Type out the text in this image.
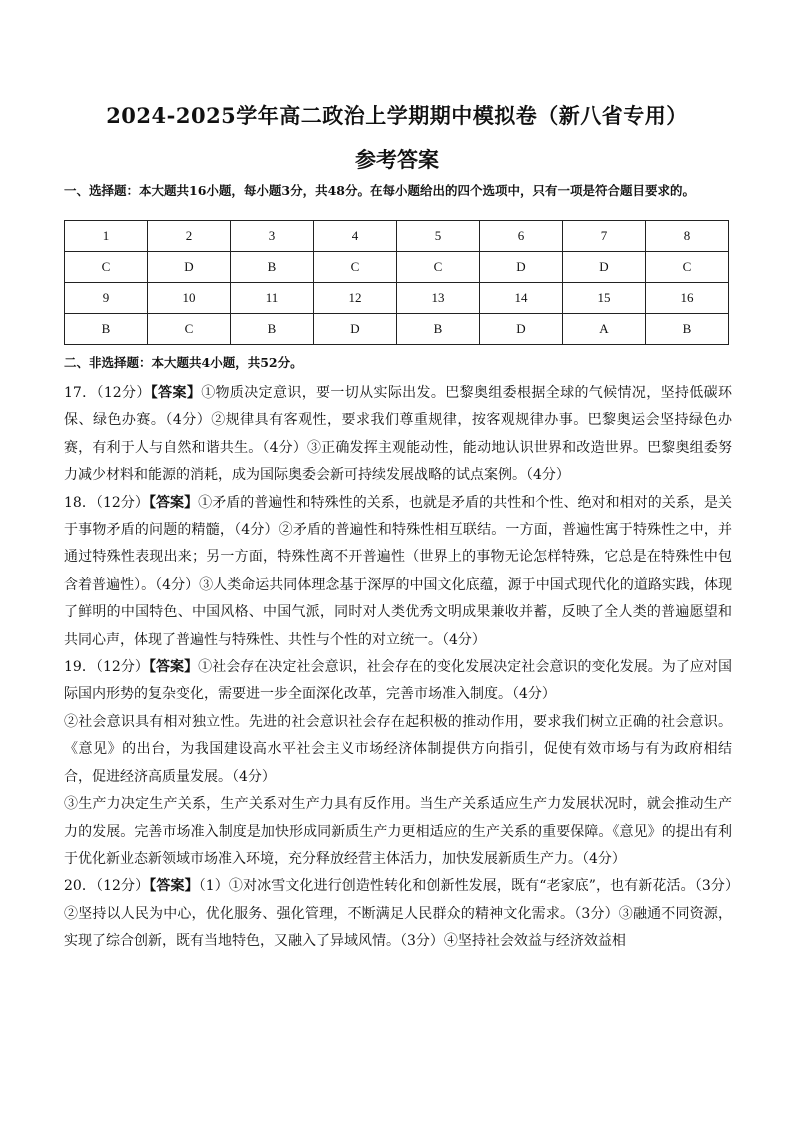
2024-2025学年高二政治上学期期中模拟卷（新八省专用）
参考答案
一、选择题：本大题共16小题，每小题3分，共48分。在每小题给出的四个选项中，只有一项是符合题目要求的。
1	2	3	4	5	6	7	8
C	D	B	C	C	D	D	C
9	10	11	12	13	14	15	16
B	C	B	D	B	D	A	B
二、非选择题：本大题共4小题，共52分。

17．（12分）【答案】①物质决定意识，要一切从实际出发。巴黎奥组委根据全球的气候情况，坚持低碳环保、绿色办赛。（4分）②规律具有客观性，要求我们尊重规律，按客观规律办事。巴黎奥运会坚持绿色办赛，有利于人与自然和谐共生。（4分）③正确发挥主观能动性，能动地认识世界和改造世界。巴黎奥组委努力减少材料和能源的消耗，成为国际奥委会新可持续发展战略的试点案例。（4分）

18．（12分）【答案】①矛盾的普遍性和特殊性的关系，也就是矛盾的共性和个性、绝对和相对的关系，是关于事物矛盾的问题的精髓，（4分）②矛盾的普遍性和特殊性相互联结。一方面，普遍性寓于特殊性之中，并通过特殊性表现出来；另一方面，特殊性离不开普遍性（世界上的事物无论怎样特殊，它总是在特殊性中包含着普遍性）。（4分）③人类命运共同体理念基于深厚的中国文化底蕴，源于中国式现代化的道路实践，体现了鲜明的中国特色、中国风格、中国气派，同时对人类优秀文明成果兼收并蓄，反映了全人类的普遍愿望和共同心声，体现了普遍性与特殊性、共性与个性的对立统一。（4分）

19．（12分）【答案】①社会存在决定社会意识，社会存在的变化发展决定社会意识的变化发展。为了应对国际国内形势的复杂变化，需要进一步全面深化改革，完善市场准入制度。（4分）

②社会意识具有相对独立性。先进的社会意识社会存在起积极的推动作用，要求我们树立正确的社会意识。《意见》的出台，为我国建设高水平社会主义市场经济体制提供方向指引，促使有效市场与有为政府相结合，促进经济高质量发展。（4分）

③生产力决定生产关系，生产关系对生产力具有反作用。当生产关系适应生产力发展状况时，就会推动生产力的发展。完善市场准入制度是加快形成同新质生产力更相适应的生产关系的重要保障。《意见》的提出有利于优化新业态新领域市场准入环境，充分释放经营主体活力，加快发展新质生产力。（4分）

20．（12分）【答案】（1）①对冰雪文化进行创造性转化和创新性发展，既有“老家底”，也有新花活。（3分）②坚持以人民为中心，优化服务、强化管理，不断满足人民群众的精神文化需求。（3分）③融通不同资源，实现了综合创新，既有当地特色，又融入了异域风情。（3分）④坚持社会效益与经济效益相
